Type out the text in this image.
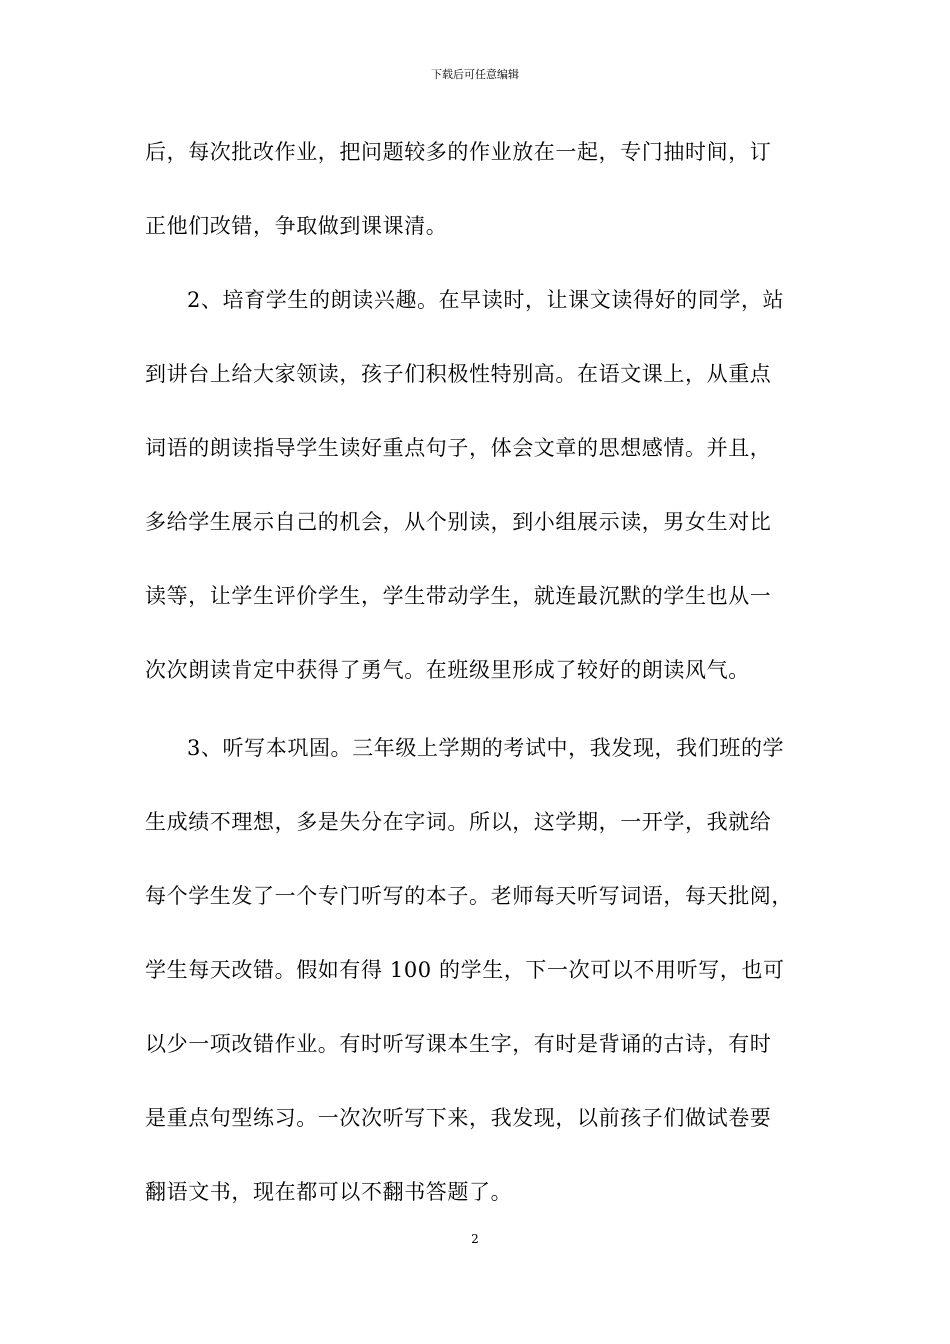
下载后可任意编辑
后，每次批改作业，把问题较多的作业放在一起，专门抽时间，订
正他们改错，争取做到课课清。
2、培育学生的朗读兴趣。在早读时，让课文读得好的同学，站
到讲台上给大家领读，孩子们积极性特别高。在语文课上，从重点
词语的朗读指导学生读好重点句子，体会文章的思想感情。并且，
多给学生展示自己的机会，从个别读，到小组展示读，男女生对比
读等，让学生评价学生，学生带动学生，就连最沉默的学生也从一
次次朗读肯定中获得了勇气。在班级里形成了较好的朗读风气。
3、听写本巩固。三年级上学期的考试中，我发现，我们班的学
生成绩不理想，多是失分在字词。所以，这学期，一开学，我就给
每个学生发了一个专门听写的本子。老师每天听写词语，每天批阅，
学生每天改错。假如有得 100 的学生，下一次可以不用听写，也可
以少一项改错作业。有时听写课本生字，有时是背诵的古诗，有时
是重点句型练习。一次次听写下来，我发现，以前孩子们做试卷要
翻语文书，现在都可以不翻书答题了。
2
